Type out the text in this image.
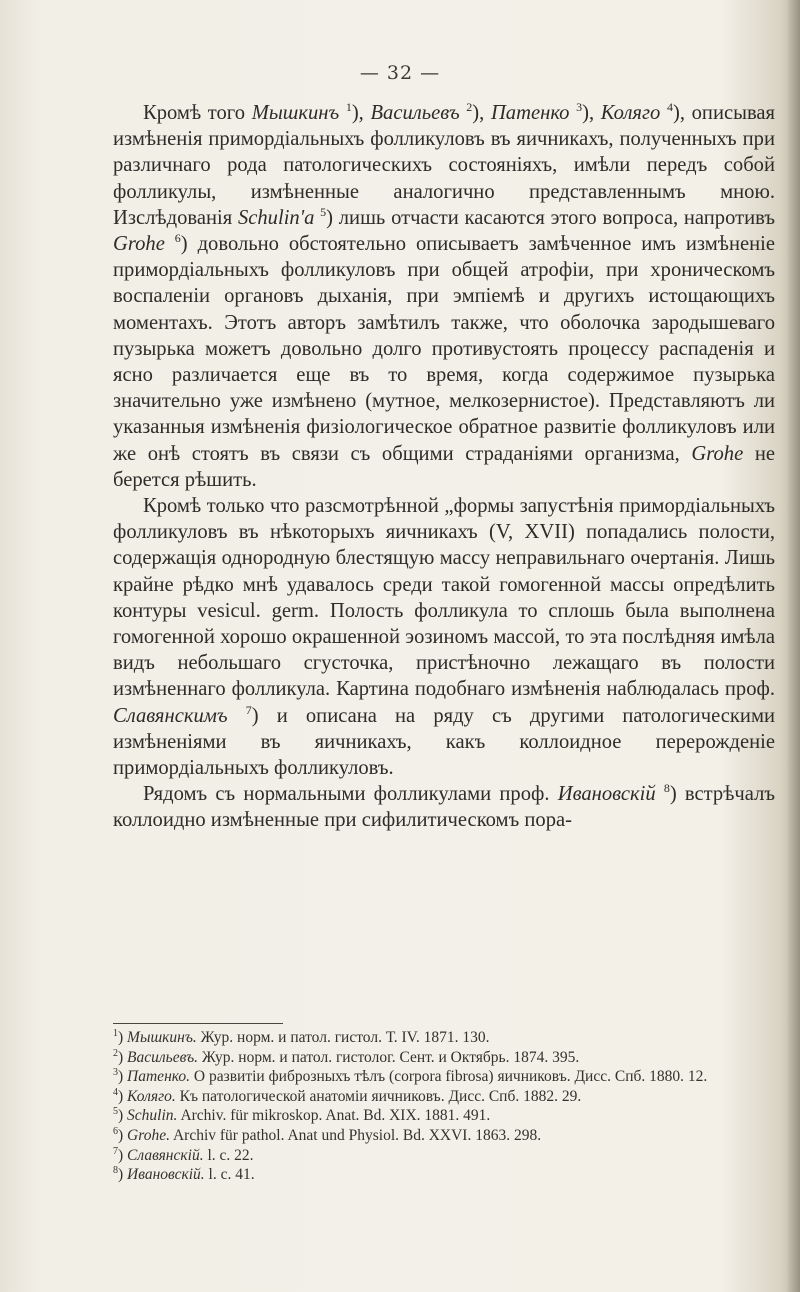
— 32 —

Кромѣ того Мышкинъ $^1$), Васильевъ $^2$), Патенко $^3$), Коляго $^4$), описывая измѣненія примордіальныхъ фолликуловъ въ яичникахъ, полученныхъ при различнаго рода патологическихъ состояніяхъ, имѣли передъ собой фолликулы, измѣненные аналогично представленнымъ мною. Изслѣдованія Schulin'a $^5$) лишь отчасти касаются этого вопроса, напротивъ Grohe $^6$) довольно обстоятельно описываетъ замѣченное имъ измѣненіе примордіальныхъ фолликуловъ при общей атрофіи, при хроническомъ воспаленіи органовъ дыханія, при эмпіемѣ и другихъ истощающихъ моментахъ. Этотъ авторъ замѣтилъ также, что оболочка зародышеваго пузырька можетъ довольно долго противустоять процессу распаденія и ясно различается еще въ то время, когда содержимое пузырька значительно уже измѣнено (мутное, мелкозернистое). Представляютъ ли указанныя измѣненія физіологическое обратное развитіе фолликуловъ или же онѣ стоятъ въ связи съ общими страданіями организма, Grohe не берется рѣшить.

Кромѣ только что разсмотрѣнной „формы запустѣнія примордіальныхъ фолликуловъ въ нѣкоторыхъ яичникахъ (V, XVII) попадались полости, содержащія однородную блестящую массу неправильнаго очертанія. Лишь крайне рѣдко мнѣ удавалось среди такой гомогенной массы опредѣлить контуры vesicul. germ. Полость фолликула то сплошь была выполнена гомогенной хорошо окрашенной эозиномъ массой, то эта послѣдняя имѣла видъ небольшаго сгусточка, пристѣночно лежащаго въ полости измѣненнаго фолликула. Картина подобнаго измѣненія наблюдалась проф. Славянскимъ $^7$) и описана на ряду съ другими патологическими измѣненіями въ яичникахъ, какъ коллоидное перерожденіе примордіальныхъ фолликуловъ.

Рядомъ съ нормальными фолликулами проф. Ивановскій $^8$) встрѣчалъ коллоидно измѣненные при сифилитическомъ пора-

$^1$) Мышкинъ. Жур. норм. и патол. гистол. Т. IV. 1871. 130.

$^2$) Васильевъ. Жур. норм. и патол. гистолог. Сент. и Октябрь. 1874. 395.

$^3$) Патенко. О развитіи фиброзныхъ тѣлъ (corpora fibrosa) яичниковъ. Дисс. Спб. 1880. 12.

$^4$) Коляго. Къ патологической анатоміи яичниковъ. Дисс. Спб. 1882. 29.

$^5$) Schulin. Archiv. für mikroskop. Anat. Bd. XIX. 1881. 491.

$^6$) Grohe. Archiv für pathol. Anat und Physiol. Bd. XXVI. 1863. 298.

$^7$) Славянскій. l. с. 22.

$^8$) Ивановскій. l. с. 41.
